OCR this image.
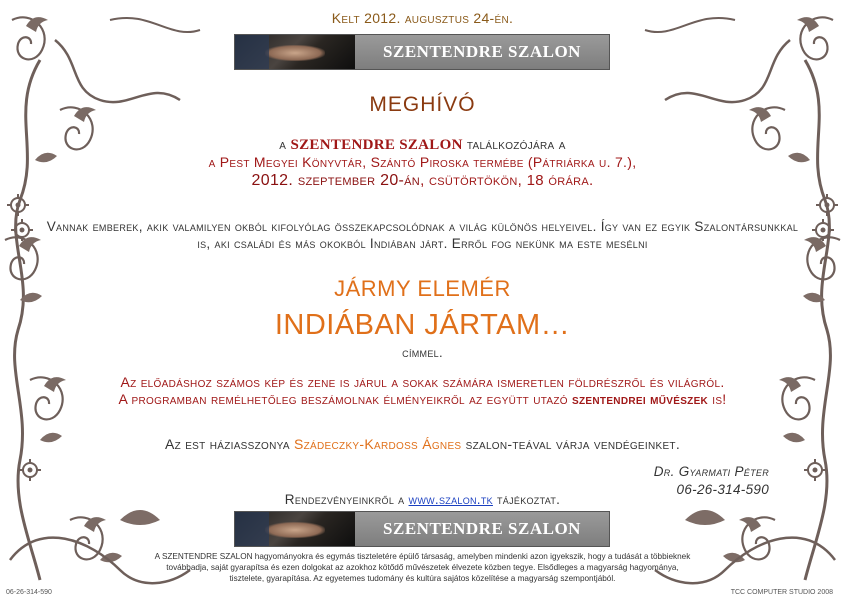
Kelt 2012. augusztus 24-én.
SZENTENDRE SZALON
MEGHÍVÓ
a SZENTENDRE SZALON találkozójára a
a Pest Megyei Könyvtár, Szántó Piroska termébe (Pátriárka u. 7.),
2012. szeptember 20-án, csütörtökön, 18 órára.
Vannak emberek, akik valamilyen okból kifolyólag összekapcsolódnak a világ különös helyeivel. Így van ez egyik Szalontársunkkal is, aki családi és más okokból Indiában járt. Erről fog nekünk ma este mesélni
JÁRMY ELEMÉR
INDIÁBAN JÁRTAM…
címmel.
Az előadáshoz számos kép és zene is járul a sokak számára ismeretlen földrészről és világról.
A programban remélhetőleg beszámolnak élményeikről az együtt utazó szentendrei művészek is!
Az est háziasszonya Szádeczky-Kardoss Ágnes szalon-teával várja vendégeinket.
Dr. Gyarmati Péter
06-26-314-590
Rendezvényeinkről a www.szalon.tk tájékoztat.
SZENTENDRE SZALON
A SZENTENDRE SZALON hagyományokra és egymás tiszteletére épülő társaság, amelyben mindenki azon igyekszik, hogy a tudását a többieknek továbbadja, saját gyarapítsa és ezen dolgokat az azokhoz kötődő művészetek élvezete közben tegye. Elsődleges a magyarság hagyománya, tisztelete, gyarapítása. Az egyetemes tudomány és kultúra sajátos közelítése a magyarság szempontjából.
06-26-314-590	TCC COMPUTER STUDIO 2008
